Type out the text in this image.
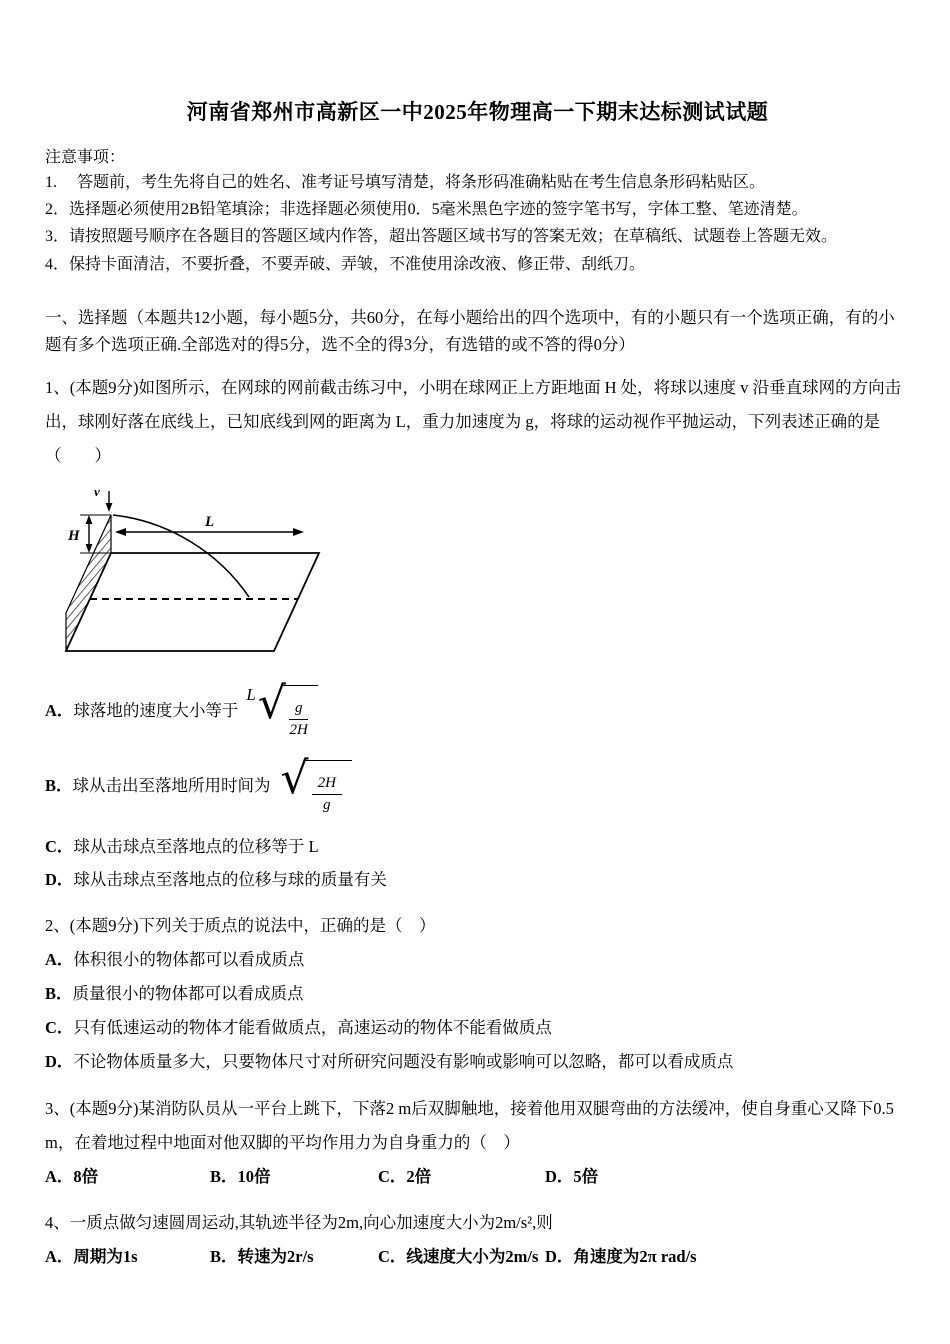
河南省郑州市高新区一中2025年物理高一下期末达标测试试题

注意事项：

1.　 答题前，考生先将自己的姓名、准考证号填写清楚，将条形码准确粘贴在考生信息条形码粘贴区。

2．选择题必须使用2B铅笔填涂；非选择题必须使用0．5毫米黑色字迹的签字笔书写，字体工整、笔迹清楚。

3．请按照题号顺序在各题目的答题区域内作答，超出答题区域书写的答案无效；在草稿纸、试题卷上答题无效。

4．保持卡面清洁，不要折叠，不要弄破、弄皱，不准使用涂改液、修正带、刮纸刀。

一、选择题（本题共12小题，每小题5分，共60分，在每小题给出的四个选项中，有的小题只有一个选项正确，有的小题有多个选项正确.全部选对的得5分，选不全的得3分，有选错的或不答的得0分）

1、(本题9分)如图所示，在网球的网前截击练习中，小明在球网正上方距地面 H 处，将球以速度 v 沿垂直球网的方向击出，球刚好落在底线上，已知底线到网的距离为 L，重力加速度为 g，将球的运动视作平抛运动，下列表述正确的是（　　）

H
v
L
A． 球落地的速度大小等于
L √ $\frac{g}{2H}$
B． 球从击出至落地所用时间为 √ $\frac{2H}{g}$

C．球从击球点至落地点的位移等于 L

D．球从击球点至落地点的位移与球的质量有关

2、(本题9分)下列关于质点的说法中，正确的是（　）

A．体积很小的物体都可以看成质点

B．质量很小的物体都可以看成质点

C．只有低速运动的物体才能看做质点，高速运动的物体不能看做质点

D．不论物体质量多大，只要物体尺寸对所研究问题没有影响或影响可以忽略，都可以看成质点

3、(本题9分)某消防队员从一平台上跳下，下落2 m后双脚触地，接着他用双腿弯曲的方法缓冲，使自身重心又降下0.5 m，在着地过程中地面对他双脚的平均作用力为自身重力的（　）

A．8倍	B．10倍	C．2倍	D．5倍

4、一质点做匀速圆周运动,其轨迹半径为2m,向心加速度大小为2m/s²,则

A．周期为1s	B．转速为2r/s	C．线速度大小为2m/s D．角速度为2π rad/s
